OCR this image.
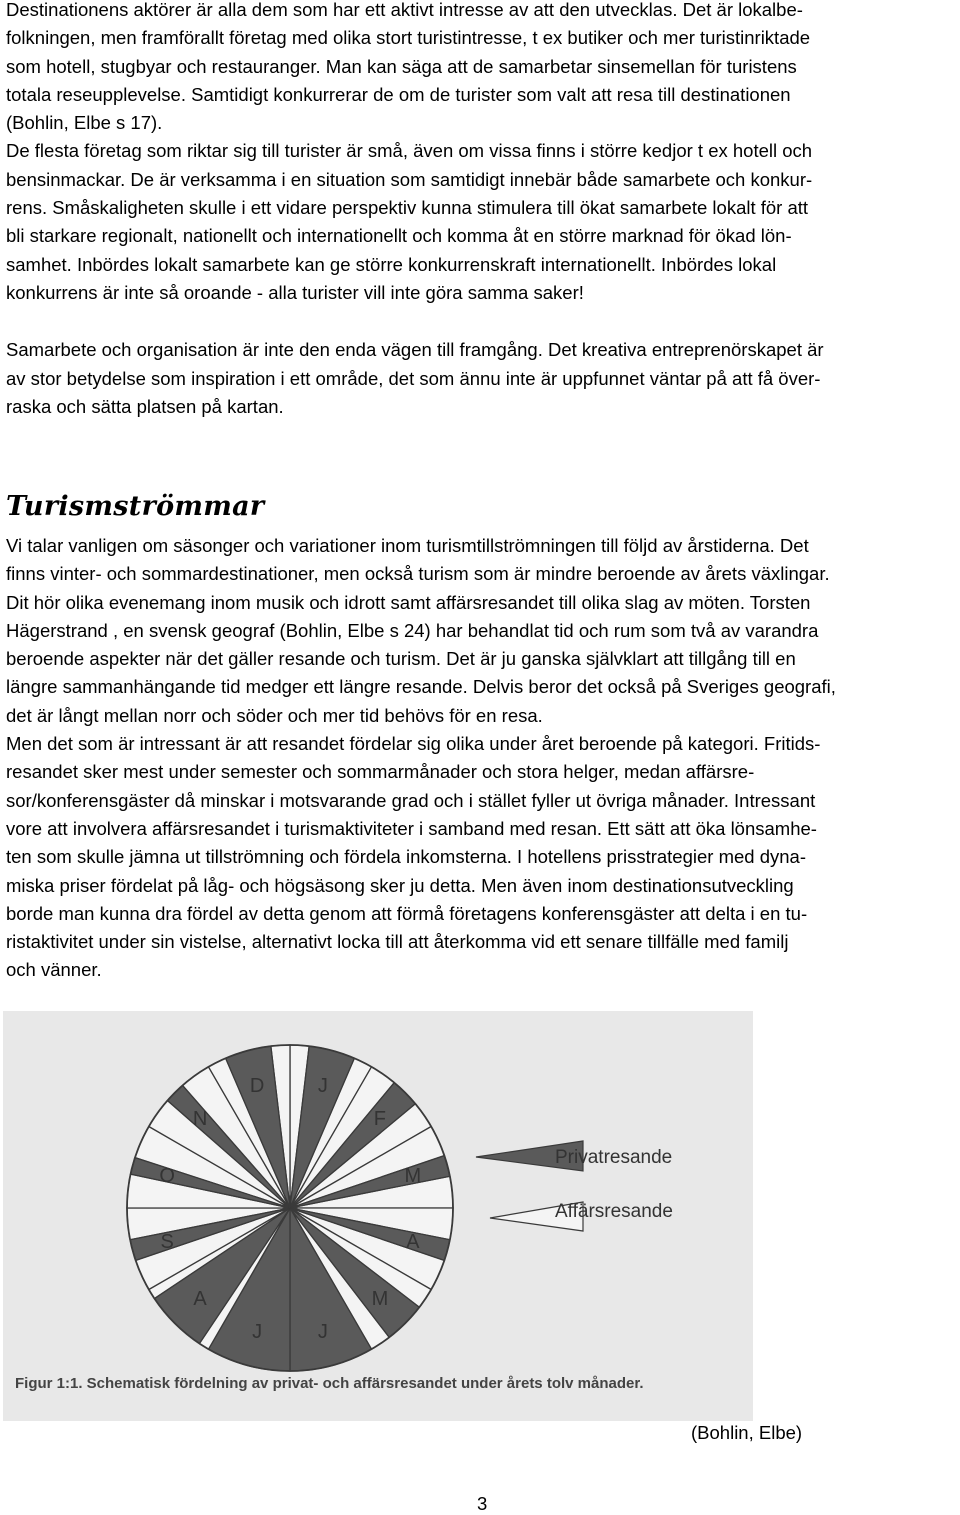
Destinationens aktörer är alla dem som har ett aktivt intresse av att den utvecklas. Det är lokalbe-
folkningen, men framförallt företag med olika stort turistintresse, t ex butiker och mer turistinriktade
som hotell, stugbyar och restauranger. Man kan säga att de samarbetar sinsemellan för turistens
totala reseupplevelse. Samtidigt konkurrerar de om de turister som valt att resa till destinationen
(Bohlin, Elbe s 17).
De flesta företag som riktar sig till turister är små, även om vissa finns i större kedjor t ex hotell och
bensinmackar. De är verksamma i en situation som samtidigt innebär både samarbete och konkur-
rens. Småskaligheten skulle i ett vidare perspektiv kunna stimulera till ökat samarbete lokalt för att
bli starkare regionalt, nationellt och internationellt och komma åt en större marknad för ökad lön-
samhet. Inbördes lokalt samarbete kan ge större konkurrenskraft internationellt. Inbördes lokal
konkurrens är inte så oroande - alla turister vill inte göra samma saker!

Samarbete och organisation är inte den enda vägen till framgång. Det kreativa entreprenörskapet är
av stor betydelse som inspiration i ett område, det som ännu inte är uppfunnet väntar på att få över-
raska och sätta platsen på kartan.

Turismströmmar

Vi talar vanligen om säsonger och variationer inom turismtillströmningen till följd av årstiderna. Det
finns vinter- och sommardestinationer, men också turism som är mindre beroende av årets växlingar.
Dit hör olika evenemang inom musik och idrott samt affärsresandet till olika slag av möten. Torsten
Hägerstrand , en svensk geograf (Bohlin, Elbe s 24) har behandlat tid och rum som två av varandra
beroende aspekter när det gäller resande och turism. Det är ju ganska självklart att tillgång till en
längre sammanhängande tid medger ett längre resande. Delvis beror det också på Sveriges geografi,
det är långt mellan norr och söder och mer tid behövs för en resa.
Men det som är intressant är att resandet fördelar sig olika under året beroende på kategori. Fritids-
resandet sker mest under semester och sommarmånader och stora helger, medan affärsre-
sor/konferensgäster då minskar i motsvarande grad och i stället fyller ut övriga månader. Intressant
vore att involvera affärsresandet i turismaktiviteter i samband med resan. Ett sätt att öka lönsamhe-
ten som skulle jämna ut tillströmning och fördela inkomsterna. I hotellens prisstrategier med dyna-
miska priser fördelat på låg- och högsäsong sker ju detta. Men även inom destinationsutveckling
borde man kunna dra fördel av detta genom att förmå företagens konferensgäster att delta i en tu-
ristaktivitet under sin vistelse, alternativt locka till att återkomma vid ett senare tillfälle med familj
och vänner.

J
F
M
A
M
J
J
A
S
O
N
D
Privatresande
Affärsresande
Figur 1:1. Schematisk fördelning av privat- och affärsresandet under årets tolv månader.
(Bohlin, Elbe)
3
